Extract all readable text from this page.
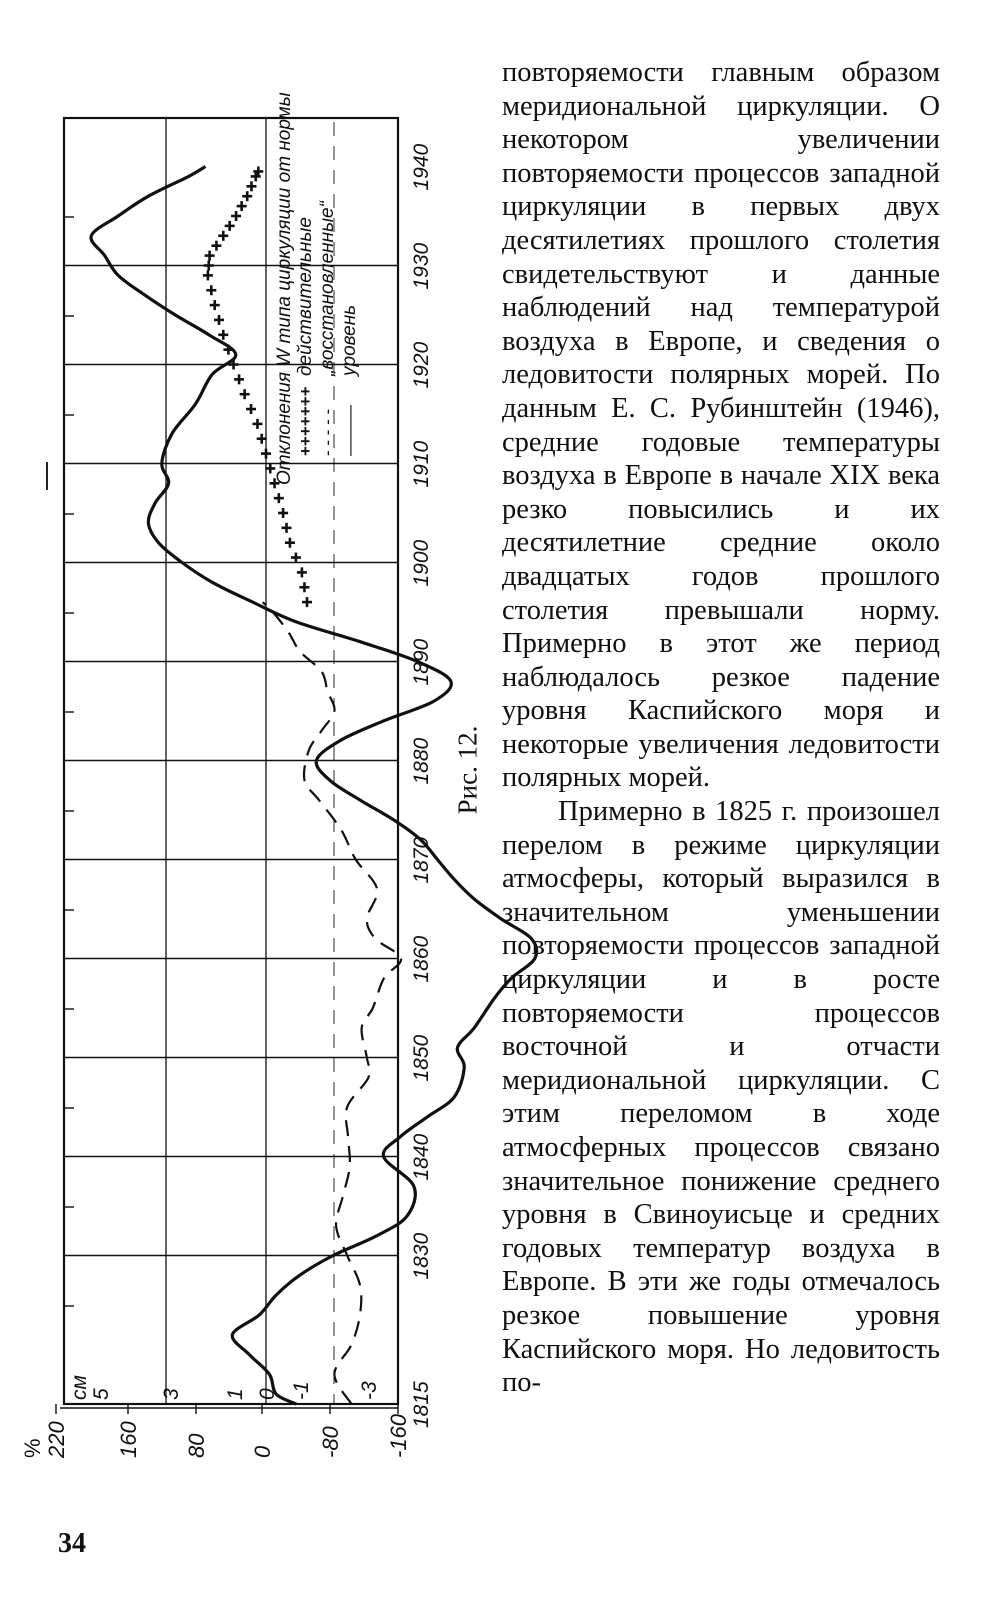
1815
1830
1840
1850
1860
1870
1880
1890
1900
1910
1920
1930
1940
см 5 3 1 0 -1 -3
220 160 80 0 -80 -160
%
Отклонения W типа циркуляции от нормы +++++++
действительные
- - - - -
„восстановленные“
———
уровень
Рис. 12.

повторяемости главным образом меридиональной циркуляции. О некотором увеличении повторяемости процессов западной циркуляции в первых двух десятилетиях прошлого столетия свидетельствуют и данные наблюдений над температурой воздуха в Европе, и сведения о ледовитости полярных морей. По данным Е. С. Рубинштейн (1946), средние годовые температуры воздуха в Европе в начале XIX века резко повысились и их десятилетние средние около двадцатых годов прошлого столетия превышали норму. Примерно в этот же период наблюдалось резкое падение уровня Каспийского моря и некоторые увеличения ледовитости полярных морей.

Примерно в 1825 г. произошел перелом в режиме циркуляции атмосферы, который выразился в значительном уменьшении повторяемости процессов западной циркуляции и в росте повторяемости процессов восточной и отчасти меридиональной циркуляции. С этим переломом в ходе атмосферных процессов связано значительное понижение среднего уровня в Свиноуисьце и средних годовых температур воздуха в Европе. В эти же годы отмечалось резкое повышение уровня Каспийского моря. Но ледовитость по-

34
